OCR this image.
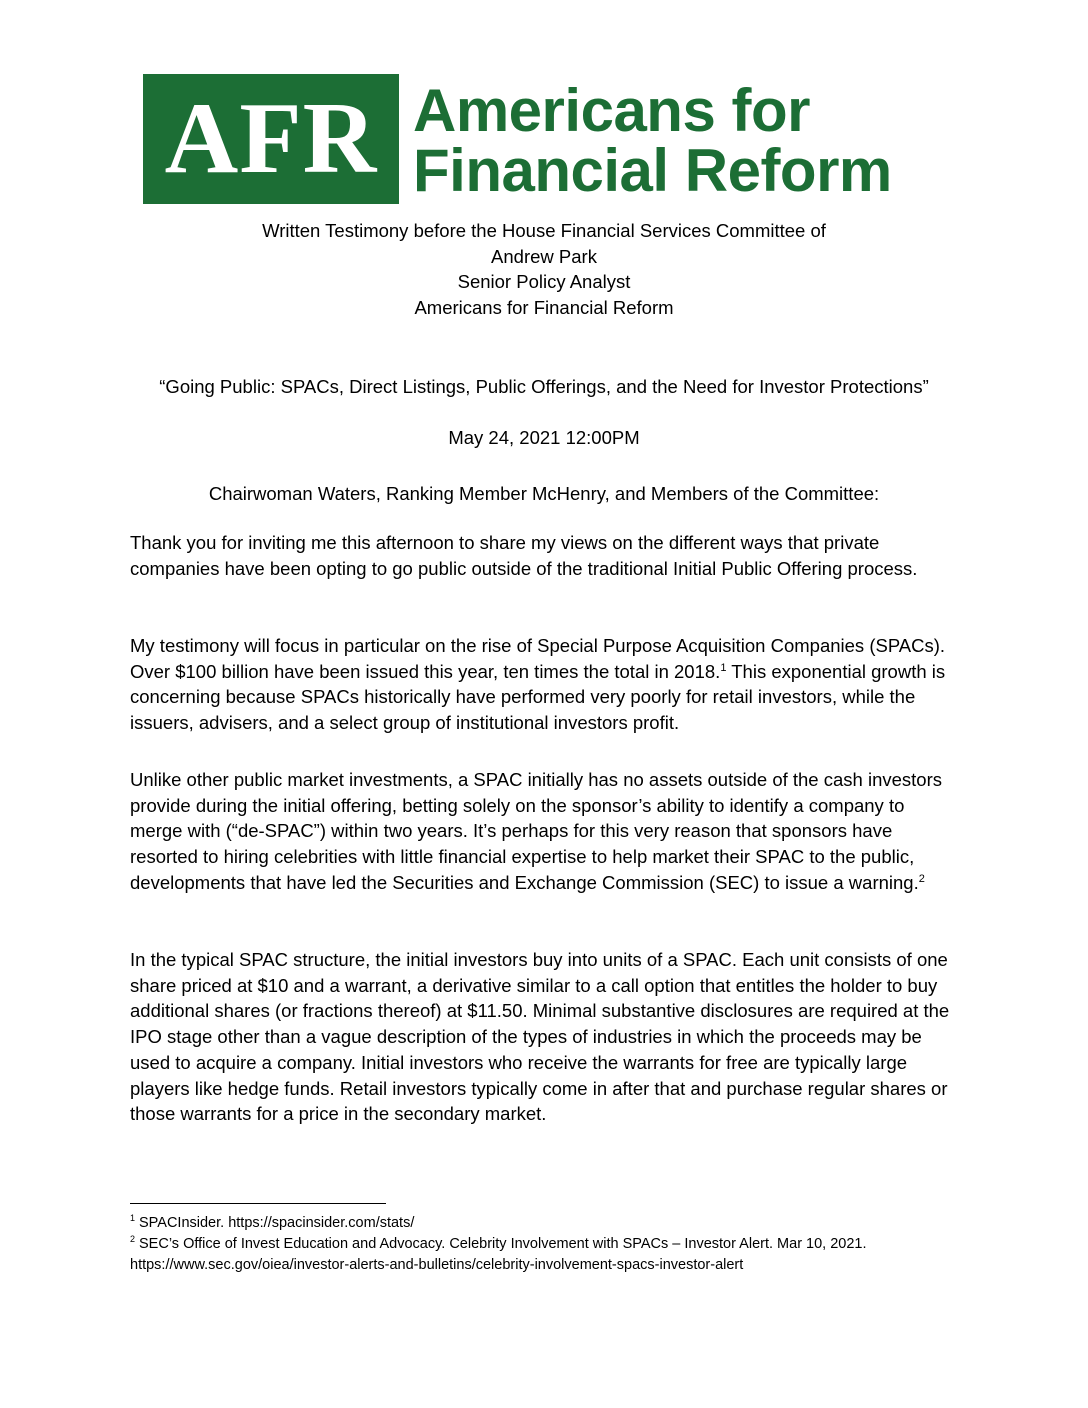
AFR Americans for
Financial Reform
Written Testimony before the House Financial Services Committee of
Andrew Park
Senior Policy Analyst
Americans for Financial Reform
“Going Public: SPACs, Direct Listings, Public Offerings, and the Need for Investor Protections”
May 24, 2021 12:00PM
Chairwoman Waters, Ranking Member McHenry, and Members of the Committee:

Thank you for inviting me this afternoon to share my views on the different ways that private companies have been opting to go public outside of the traditional Initial Public Offering process.

My testimony will focus in particular on the rise of Special Purpose Acquisition Companies (SPACs). Over $100 billion have been issued this year, ten times the total in 2018.$^1$ This exponential growth is concerning because SPACs historically have performed very poorly for retail investors, while the issuers, advisers, and a select group of institutional investors profit.

Unlike other public market investments, a SPAC initially has no assets outside of the cash investors provide during the initial offering, betting solely on the sponsor’s ability to identify a company to merge with (“de-SPAC”) within two years. It’s perhaps for this very reason that sponsors have resorted to hiring celebrities with little financial expertise to help market their SPAC to the public, developments that have led the Securities and Exchange Commission (SEC) to issue a warning.$^2$

In the typical SPAC structure, the initial investors buy into units of a SPAC. Each unit consists of one share priced at $10 and a warrant, a derivative similar to a call option that entitles the holder to buy additional shares (or fractions thereof) at $11.50. Minimal substantive disclosures are required at the IPO stage other than a vague description of the types of industries in which the proceeds may be used to acquire a company. Initial investors who receive the warrants for free are typically large players like hedge funds. Retail investors typically come in after that and purchase regular shares or those warrants for a price in the secondary market.

$^1$ SPACInsider. https://spacinsider.com/stats/
$^2$ SEC’s Office of Invest Education and Advocacy. Celebrity Involvement with SPACs – Investor Alert. Mar 10, 2021.
https://www.sec.gov/oiea/investor-alerts-and-bulletins/celebrity-involvement-spacs-investor-alert
